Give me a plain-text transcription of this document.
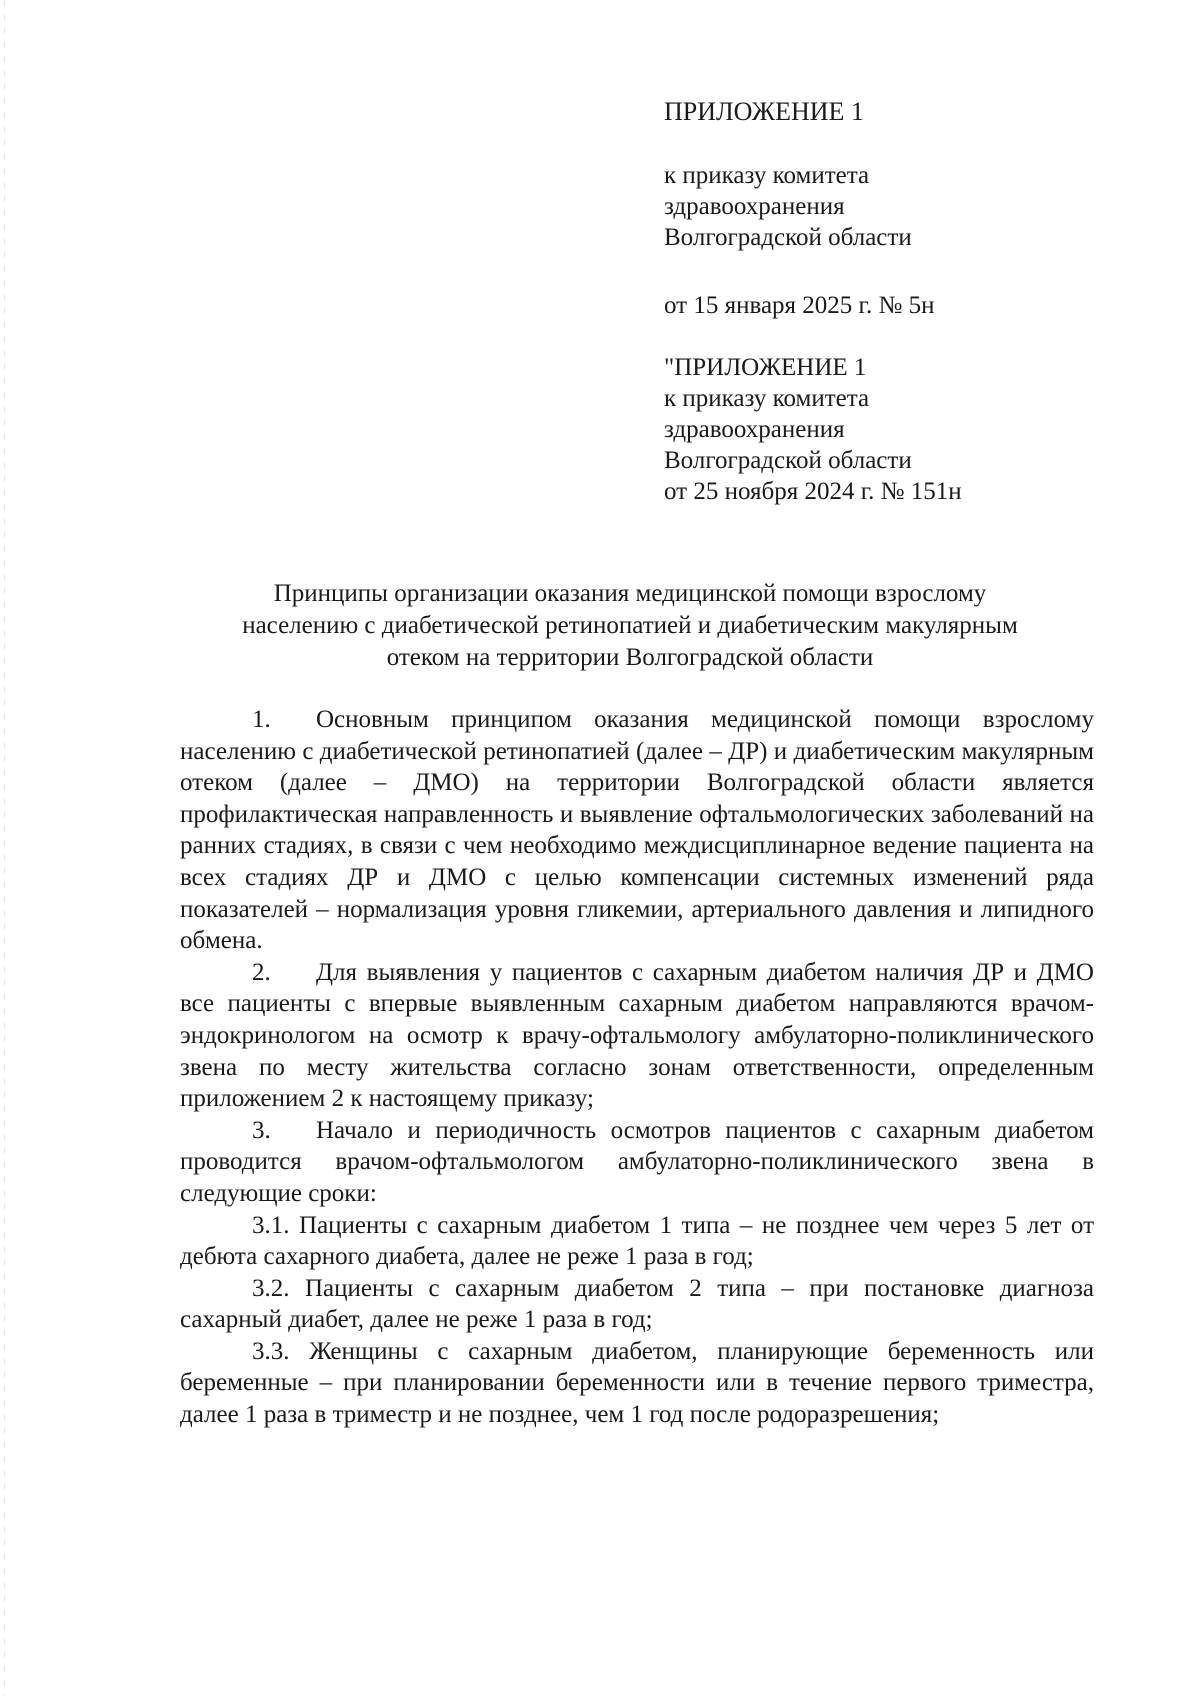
ПРИЛОЖЕНИЕ 1
к приказу комитета
здравоохранения
Волгоградской области
от 15 января 2025 г. № 5н
"ПРИЛОЖЕНИЕ 1
к приказу комитета
здравоохранения
Волгоградской области
от 25 ноября 2024 г. № 151н
Принципы организации оказания медицинской помощи взрослому
населению с диабетической ретинопатией и диабетическим макулярным
отеком на территории Волгоградской области

1. Основным принципом оказания медицинской помощи взрослому населению с диабетической ретинопатией (далее – ДР) и диабетическим макулярным отеком (далее – ДМО) на территории Волгоградской области является профилактическая направленность и выявление офтальмологических заболеваний на ранних стадиях, в связи с чем необходимо междисциплинарное ведение пациента на всех стадиях ДР и ДМО с целью компенсации системных изменений ряда показателей – нормализация уровня гликемии, артериального давления и липидного обмена.

2. Для выявления у пациентов с сахарным диабетом наличия ДР и ДМО все пациенты с впервые выявленным сахарным диабетом направляются врачом-эндокринологом на осмотр к врачу-офтальмологу амбулаторно-поликлинического звена по месту жительства согласно зонам ответственности, определенным приложением 2 к настоящему приказу;

3. Начало и периодичность осмотров пациентов с сахарным диабетом проводится врачом-офтальмологом амбулаторно-поликлинического звена в следующие сроки:

3.1. Пациенты с сахарным диабетом 1 типа – не позднее чем через 5 лет от дебюта сахарного диабета, далее не реже 1 раза в год;

3.2. Пациенты с сахарным диабетом 2 типа – при постановке диагноза сахарный диабет, далее не реже 1 раза в год;

3.3. Женщины с сахарным диабетом, планирующие беременность или беременные – при планировании беременности или в течение первого триместра, далее 1 раза в триместр и не позднее, чем 1 год после родоразрешения;
